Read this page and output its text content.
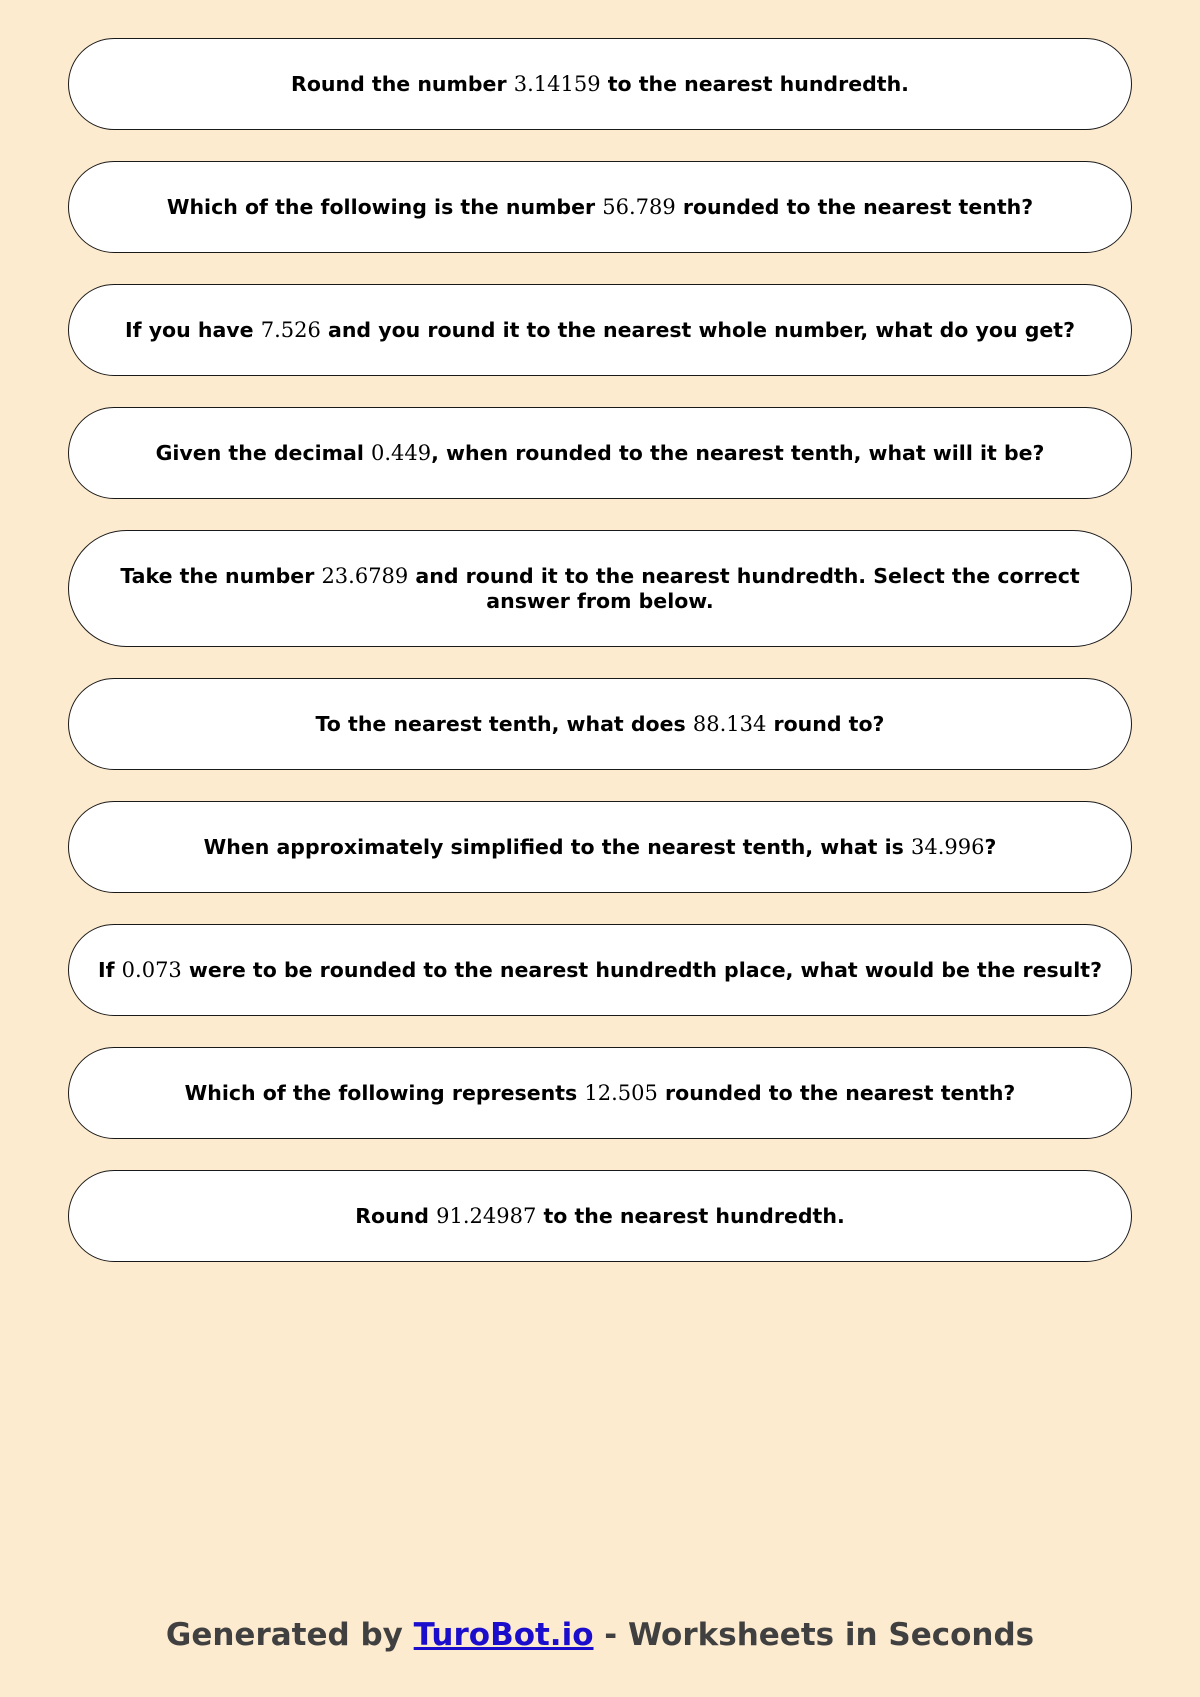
Round the number 3.14159 to the nearest hundredth.
Which of the following is the number 56.789 rounded to the nearest tenth?
If you have 7.526 and you round it to the nearest whole number, what do you get?
Given the decimal 0.449, when rounded to the nearest tenth, what will it be?
Take the number 23.6789 and round it to the nearest hundredth. Select the correct answer from below.
To the nearest tenth, what does 88.134 round to?
When approximately simplified to the nearest tenth, what is 34.996?
If 0.073 were to be rounded to the nearest hundredth place, what would be the result?
Which of the following represents 12.505 rounded to the nearest tenth?
Round 91.24987 to the nearest hundredth.
Generated by TuroBot.io - Worksheets in Seconds
